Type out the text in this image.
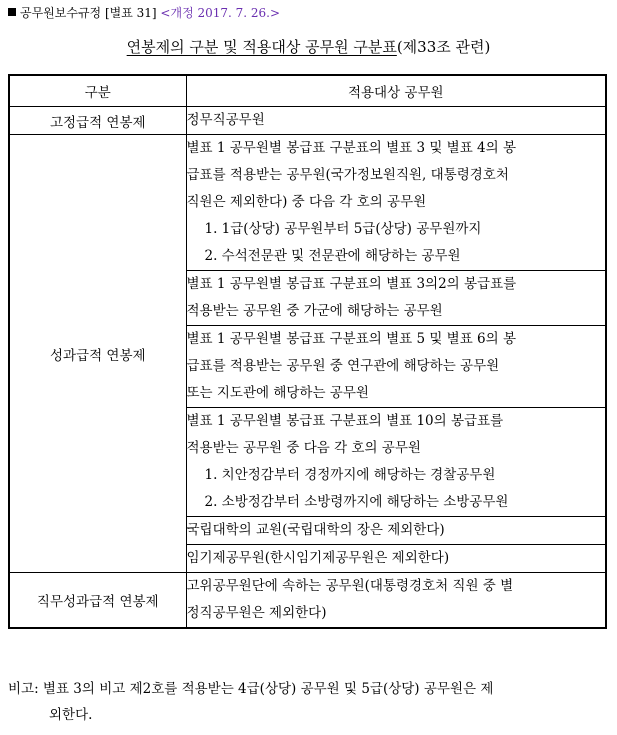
공무원보수규정 [별표 31] <개정 2017. 7. 26.>
연봉제의 구분 및 적용대상 공무원 구분표(제33조 관련)
구분	적용대상 공무원
고정급적 연봉제	정무직공무원
성과급적 연봉제	별표 1 공무원별 봉급표 구분표의 별표 3 및 별표 4의 봉
급표를 적용받는 공무원(국가정보원직원, 대통령경호처
직원은 제외한다) 중 다음 각 호의 공무원
1. 1급(상당) 공무원부터 5급(상당) 공무원까지
2. 수석전문관 및 전문관에 해당하는 공무원

	별표 1 공무원별 봉급표 구분표의 별표 3의2의 봉급표를
적용받는 공무원 중 가군에 해당하는 공무원

	별표 1 공무원별 봉급표 구분표의 별표 5 및 별표 6의 봉
급표를 적용받는 공무원 중 연구관에 해당하는 공무원
또는 지도관에 해당하는 공무원

	별표 1 공무원별 봉급표 구분표의 별표 10의 봉급표를
적용받는 공무원 중 다음 각 호의 공무원
1. 치안정감부터 경정까지에 해당하는 경찰공무원
2. 소방정감부터 소방령까지에 해당하는 소방공무원

	국립대학의 교원(국립대학의 장은 제외한다)

	임기제공무원(한시임기제공무원은 제외한다)

직무성과급적 연봉제	고위공무원단에 속하는 공무원(대통령경호처 직원 중 별
정직공무원은 제외한다)
비고: 별표 3의 비고 제2호를 적용받는 4급(상당) 공무원 및 5급(상당) 공무원은 제
외한다.
